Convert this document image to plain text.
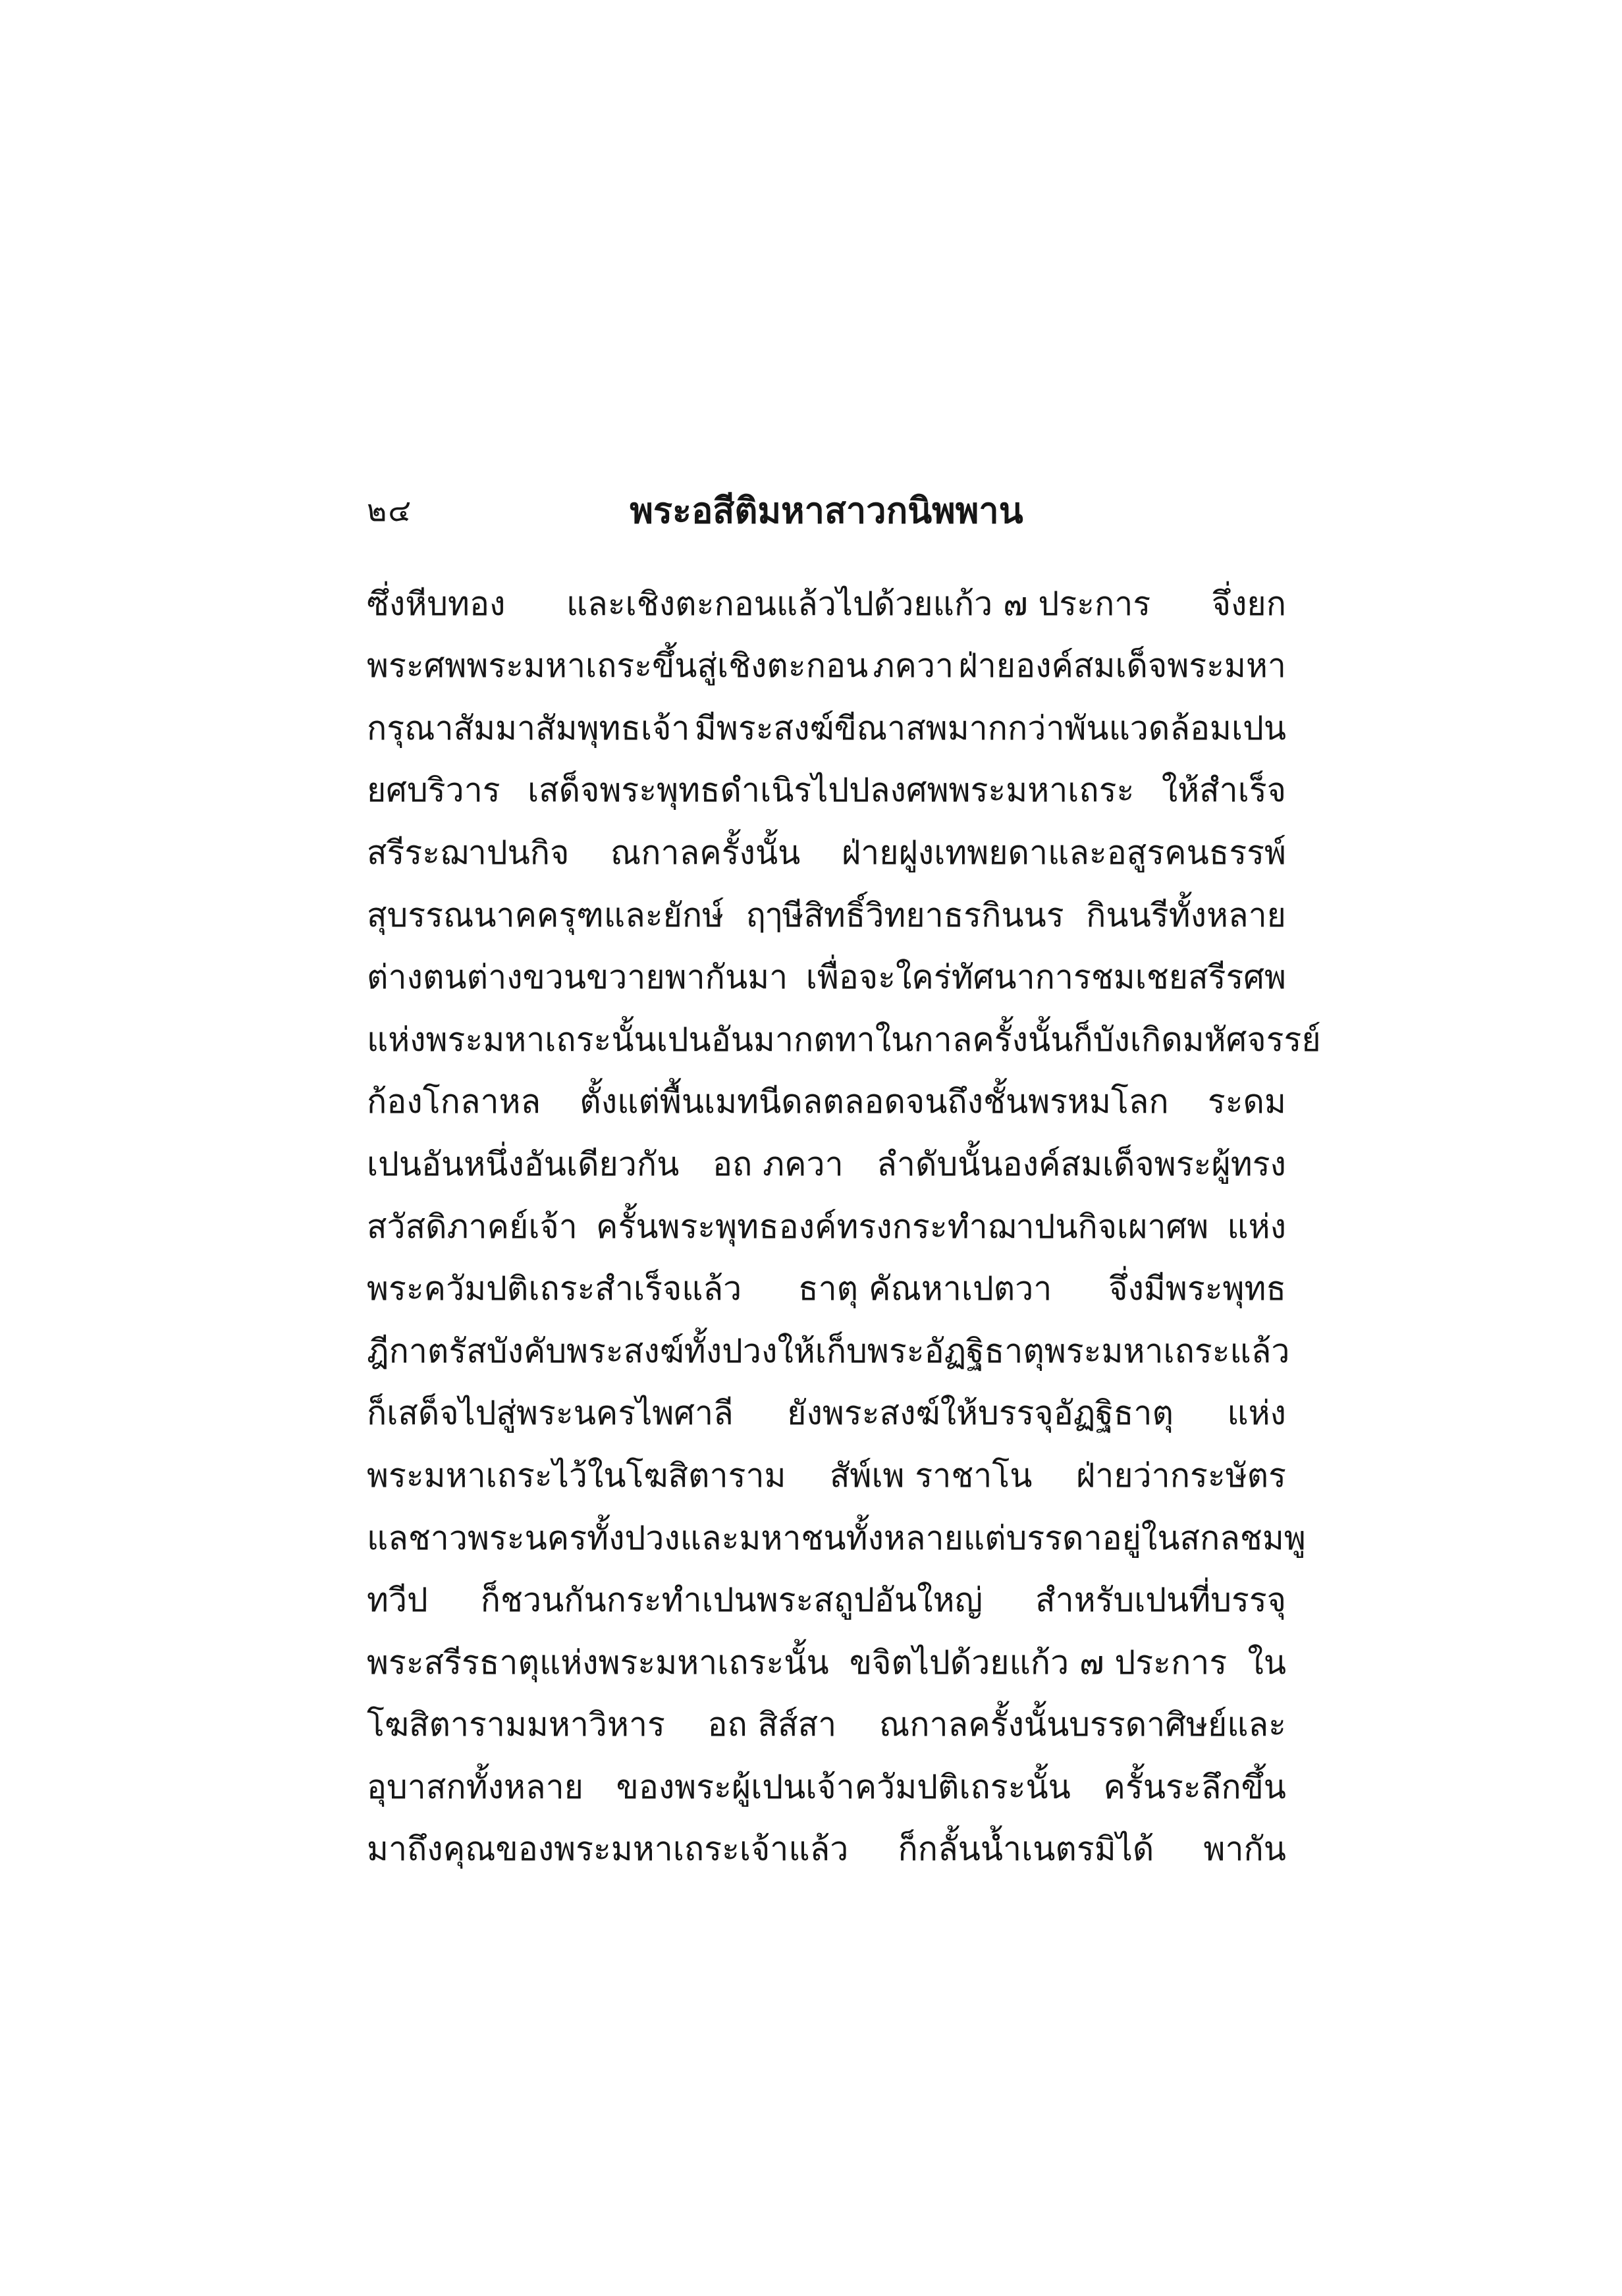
๒๔	พระอสีติมหาสาวกนิพพาน
ซึ่งหีบทอง และเชิงตะกอนแล้วไปด้วยแก้ว ๗ ประการ จึ่งยก
พระศพพระมหาเถระขึ้นสู่เชิงตะกอน ภควา ฝ่ายองค์สมเด็จพระมหา
กรุณาสัมมาสัมพุทธเจ้า มีพระสงฆ์ขีณาสพมากกว่าพันแวดล้อมเปน
ยศบริวาร เสด็จพระพุทธดำเนิรไปปลงศพพระมหาเถระ ให้สำเร็จ
สรีระฌาปนกิจ ณกาลครั้งนั้น ฝ่ายฝูงเทพยดาและอสูรคนธรรพ์
สุบรรณนาคครุฑและยักษ์ ฤๅษีสิทธิ์วิทยาธรกินนร กินนรีทั้งหลาย
ต่างตนต่างขวนขวายพากันมา เพื่อจะใคร่ทัศนาการชมเชยสรีรศพ
แห่งพระมหาเถระนั้นเปนอันมาก ตทา ในกาลครั้งนั้นก็บังเกิดมหัศจรรย์
ก้องโกลาหล ตั้งแต่พื้นเมทนีดลตลอดจนถึงชั้นพรหมโลก ระดม
เปนอันหนึ่งอันเดียวกัน อถ ภควา ลำดับนั้นองค์สมเด็จพระผู้ทรง
สวัสดิภาคย์เจ้า ครั้นพระพุทธองค์ทรงกระทำฌาปนกิจเผาศพ แห่ง
พระควัมปติเถระสำเร็จแล้ว ธาตุ คัณหาเปตวา จึ่งมีพระพุทธ
ฎีกาตรัสบังคับพระสงฆ์ทั้งปวง ให้เก็บพระอัฏฐิธาตุพระมหาเถระแล้ว
ก็เสด็จไปสู่พระนครไพศาลี ยังพระสงฆ์ให้บรรจุอัฏฐิธาตุ แห่ง
พระมหาเถระไว้ในโฆสิตาราม สัพ์เพ ราชาโน ฝ่ายว่ากระษัตร
แลชาวพระนครทั้งปวงและมหาชนทั้งหลาย แต่บรรดาอยู่ในสกลชมพู
ทวีป ก็ชวนกันกระทำเปนพระสถูปอันใหญ่ สำหรับเปนที่บรรจุ
พระสรีรธาตุแห่งพระมหาเถระนั้น ขจิตไปด้วยแก้ว ๗ ประการ ใน
โฆสิตารามมหาวิหาร อถ สิส์สา ณกาลครั้งนั้นบรรดาศิษย์และ
อุบาสกทั้งหลาย ของพระผู้เปนเจ้าควัมปติเถระนั้น ครั้นระลึกขึ้น
มาถึงคุณของพระมหาเถระเจ้าแล้ว ก็กลั้นน้ำเนตรมิได้ พากัน
